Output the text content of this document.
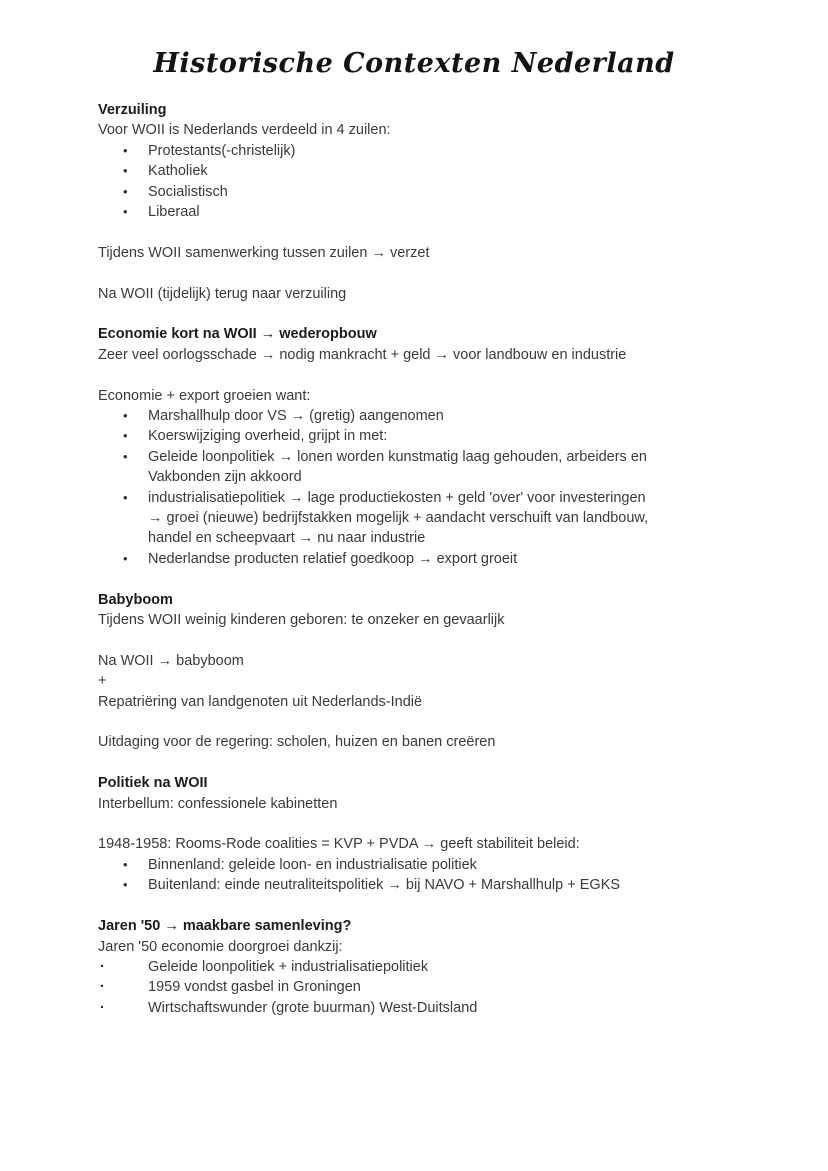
Historische Contexten Nederland
Verzuiling
Voor WOII is Nederlands verdeeld in 4 zuilen:
•	Protestants(-christelijk)
•	Katholiek
•	Socialistisch
•	Liberaal
Tijdens WOII samenwerking tussen zuilen → verzet
Na WOII (tijdelijk) terug naar verzuiling
Economie kort na WOII → wederopbouw
Zeer veel oorlogsschade → nodig mankracht + geld → voor landbouw en industrie
Economie + export groeien want:
•	Marshallhulp door VS → (gretig) aangenomen
•	Koerswijziging overheid, grijpt in met:
•	Geleide loonpolitiek → lonen worden kunstmatig laag gehouden, arbeiders en
Vakbonden zijn akkoord
•	industrialisatiepolitiek → lage productiekosten + geld 'over' voor investeringen
→ groei (nieuwe) bedrijfstakken mogelijk + aandacht verschuift van landbouw,
handel en scheepvaart → nu naar industrie
•	Nederlandse producten relatief goedkoop → export groeit
Babyboom
Tijdens WOII weinig kinderen geboren: te onzeker en gevaarlijk
Na WOII → babyboom
+
Repatriëring van landgenoten uit Nederlands-Indië
Uitdaging voor de regering: scholen, huizen en banen creëren
Politiek na WOII
Interbellum: confessionele kabinetten
1948-1958: Rooms-Rode coalities = KVP + PVDA → geeft stabiliteit beleid:
•	Binnenland: geleide loon- en industrialisatie politiek
•	Buitenland: einde neutraliteitspolitiek → bij NAVO + Marshallhulp + EGKS
Jaren '50 → maakbare samenleving?
Jaren '50 economie doorgroei dankzij:
·	Geleide loonpolitiek + industrialisatiepolitiek
·	1959 vondst gasbel in Groningen
·	Wirtschaftswunder (grote buurman) West-Duitsland
